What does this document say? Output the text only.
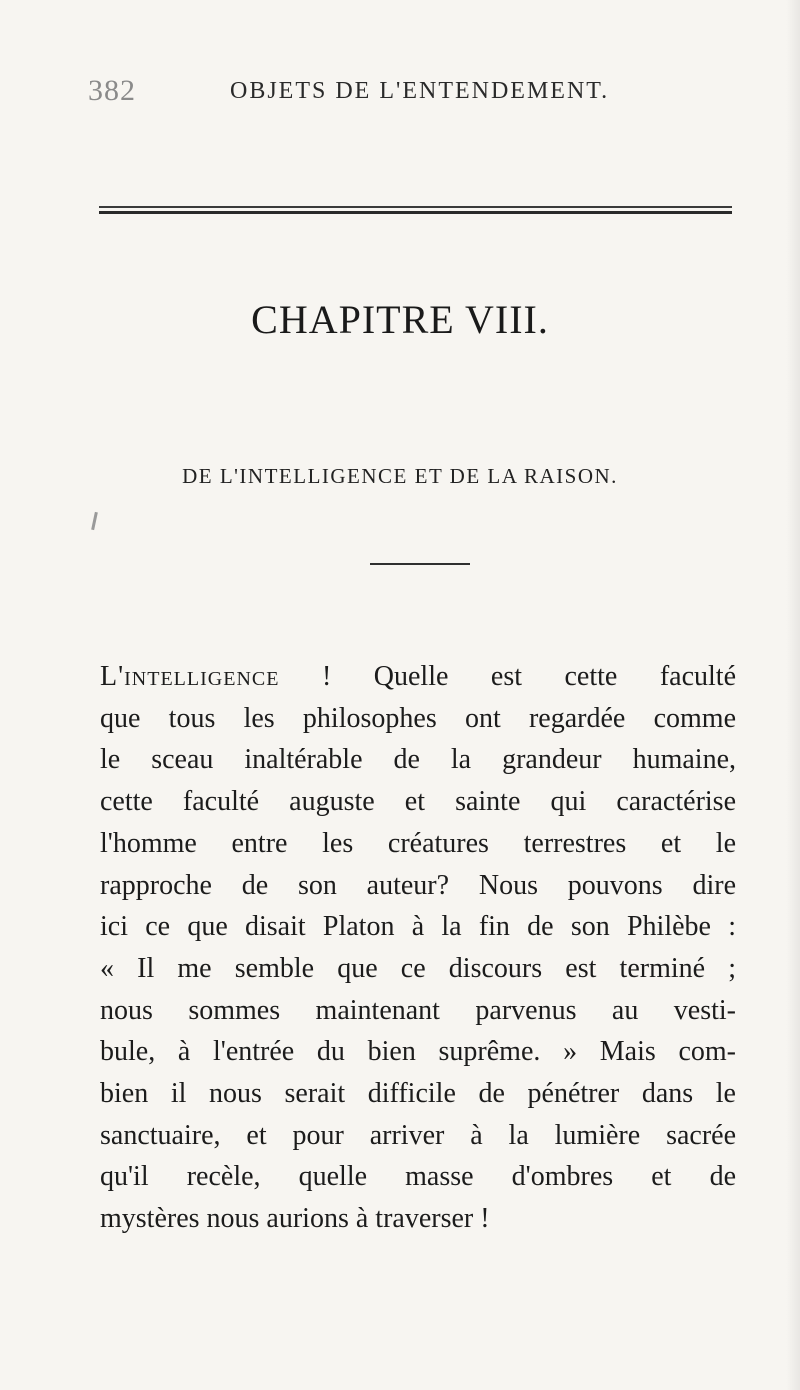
382	OBJETS DE L'ENTENDEMENT.
CHAPITRE VIII.
DE L'INTELLIGENCE ET DE LA RAISON.
L'intelligence ! Quelle est cette faculté
que tous les philosophes ont regardée comme
le sceau inaltérable de la grandeur humaine,
cette faculté auguste et sainte qui caractérise
l'homme entre les créatures terrestres et le
rapproche de son auteur? Nous pouvons dire
ici ce que disait Platon à la fin de son Philèbe :
« Il me semble que ce discours est terminé ;
nous sommes maintenant parvenus au vesti-
bule, à l'entrée du bien suprême. » Mais com-
bien il nous serait difficile de pénétrer dans le
sanctuaire, et pour arriver à la lumière sacrée
qu'il recèle, quelle masse d'ombres et de
mystères nous aurions à traverser !
